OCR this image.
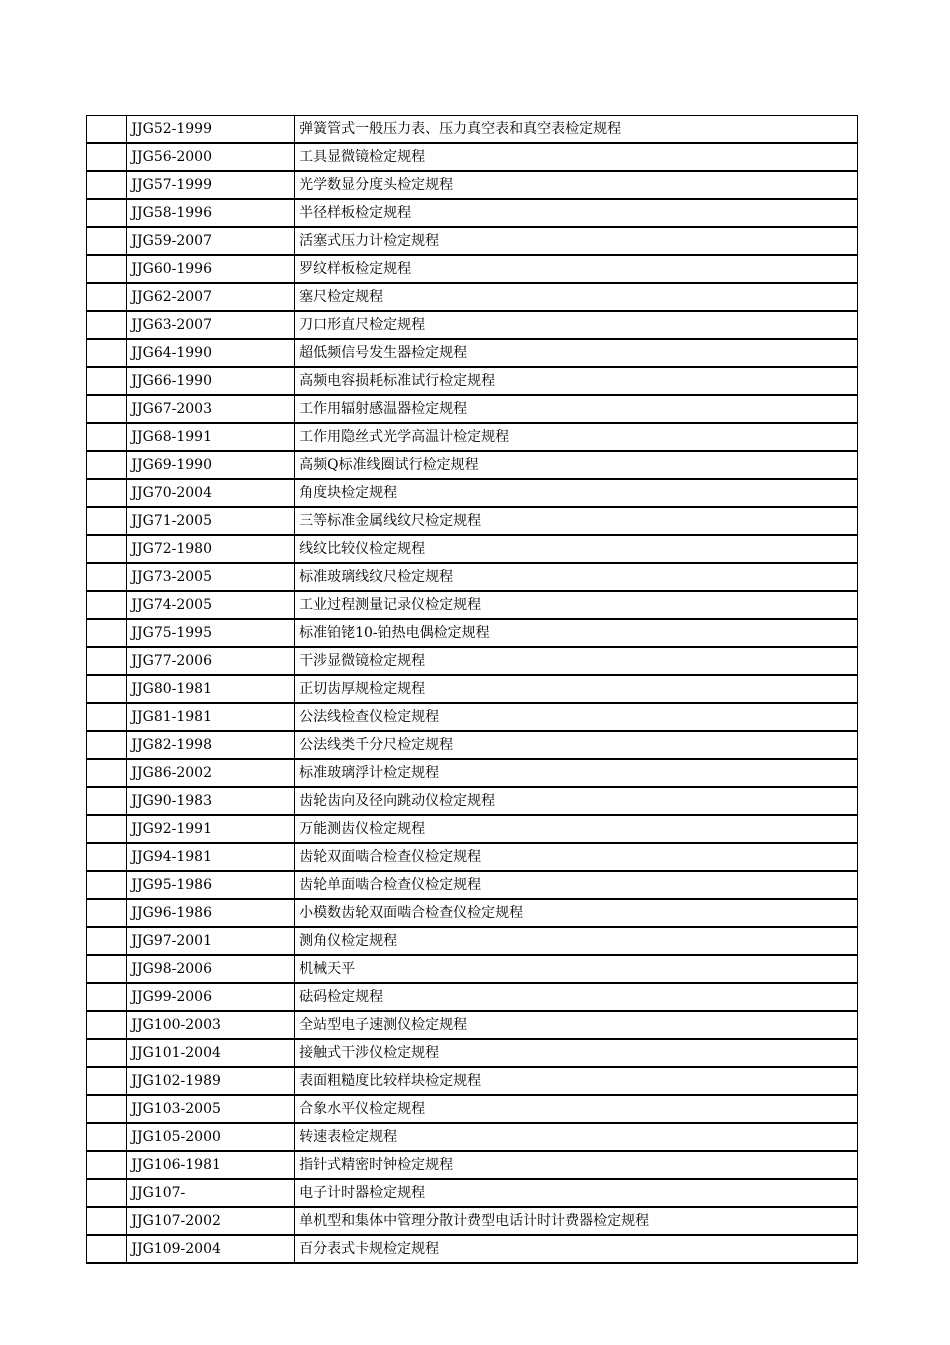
	JJG52-1999	弹簧管式一般压力表、压力真空表和真空表检定规程
	JJG56-2000	工具显微镜检定规程
	JJG57-1999	光学数显分度头检定规程
	JJG58-1996	半径样板检定规程
	JJG59-2007	活塞式压力计检定规程
	JJG60-1996	罗纹样板检定规程
	JJG62-2007	塞尺检定规程
	JJG63-2007	刀口形直尺检定规程
	JJG64-1990	超低频信号发生器检定规程
	JJG66-1990	高频电容损耗标准试行检定规程
	JJG67-2003	工作用辐射感温器检定规程
	JJG68-1991	工作用隐丝式光学高温计检定规程
	JJG69-1990	高频Q标准线圈试行检定规程
	JJG70-2004	角度块检定规程
	JJG71-2005	三等标准金属线纹尺检定规程
	JJG72-1980	线纹比较仪检定规程
	JJG73-2005	标准玻璃线纹尺检定规程
	JJG74-2005	工业过程测量记录仪检定规程
	JJG75-1995	标准铂铑10-铂热电偶检定规程
	JJG77-2006	干涉显微镜检定规程
	JJG80-1981	正切齿厚规检定规程
	JJG81-1981	公法线检查仪检定规程
	JJG82-1998	公法线类千分尺检定规程
	JJG86-2002	标准玻璃浮计检定规程
	JJG90-1983	齿轮齿向及径向跳动仪检定规程
	JJG92-1991	万能测齿仪检定规程
	JJG94-1981	齿轮双面啮合检查仪检定规程
	JJG95-1986	齿轮单面啮合检查仪检定规程
	JJG96-1986	小模数齿轮双面啮合检查仪检定规程
	JJG97-2001	测角仪检定规程
	JJG98-2006	机械天平
	JJG99-2006	砝码检定规程
	JJG100-2003	全站型电子速测仪检定规程
	JJG101-2004	接触式干涉仪检定规程
	JJG102-1989	表面粗糙度比较样块检定规程
	JJG103-2005	合象水平仪检定规程
	JJG105-2000	转速表检定规程
	JJG106-1981	指针式精密时钟检定规程
	JJG107-	电子计时器检定规程
	JJG107-2002	单机型和集体中管理分散计费型电话计时计费器检定规程
	JJG109-2004	百分表式卡规检定规程
